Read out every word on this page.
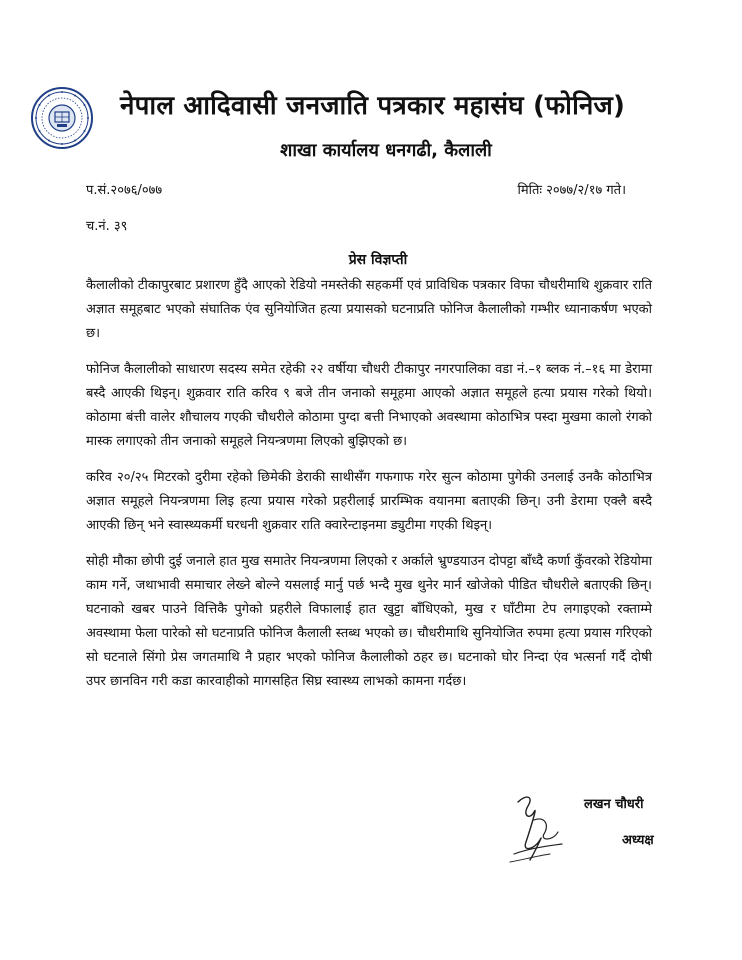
नेपाल आदिवासी जनजाति पत्रकार महासंघ (फोनिज)
शाखा कार्यालय धनगढी, कैलाली
प.सं.२०७६/०७७	मितिः २०७७/२/१७ गते।
च.नं. ३९
प्रेस विज्ञप्ती

कैलालीको टीकापुरबाट प्रशारण हुँदै आएको रेडियो नमस्तेकी सहकर्मी एवं प्राविधिक पत्रकार विफा चौधरीमाथि शुक्रवार राति अज्ञात समूहबाट भएको संघातिक एंव सुनियोजित हत्या प्रयासको घटनाप्रति फोनिज कैलालीको गम्भीर ध्यानाकर्षण भएको छ।

फोनिज कैलालीको साधारण सदस्य समेत रहेकी २२ वर्षीया चौधरी टीकापुर नगरपालिका वडा नं.–१ ब्लक नं.–१६ मा डेरामा बस्दै आएकी थिइन्। शुक्रवार राति करिव ९ बजे तीन जनाको समूहमा आएको अज्ञात समूहले हत्या प्रयास गरेको थियो। कोठामा बंत्ती वालेर शौचालय गएकी चौधरीले कोठामा पुग्दा बत्ती निभाएको अवस्थामा कोठाभित्र पस्दा मुखमा कालो रंगको मास्क लगाएको तीन जनाको समूहले नियन्त्रणमा लिएको बुझिएको छ।

करिव २०/२५ मिटरको दुरीमा रहेको छिमेकी डेराकी साथीसँग गफगाफ गरेर सुत्न कोठामा पुगेकी उनलाई उनकै कोठाभित्र अज्ञात समूहले नियन्त्रणमा लिइ हत्या प्रयास गरेको प्रहरीलाई प्रारम्भिक वयानमा बताएकी छिन्। उनी डेरामा एक्लै बस्दै आएकी छिन् भने स्वास्थ्यकर्मी घरधनी शुक्रवार राति क्वारेन्टाइनमा ड्युटीमा गएकी थिइन्।

सोही मौका छोपी दुई जनाले हात मुख समातेर नियन्त्रणमा लिएको र अर्काले भ्रुण्डयाउन दोपट्टा बाँध्दै कर्णा कुँवरको रेडियोमा काम गर्ने, जथाभावी समाचार लेख्ने बोल्ने यसलाई मार्नु पर्छ भन्दै मुख थुनेर मार्न खोजेको पीडित चौधरीले बताएकी छिन्। घटनाको खबर पाउने वित्तिकै पुगेको प्रहरीले विफालाई हात खुट्टा बाँधिएको, मुख र घाँटीमा टेप लगाइएको रक्ताम्मे अवस्थामा फेला पारेको सो घटनाप्रति फोनिज कैलाली स्तब्ध भएको छ। चौधरीमाथि सुनियोजित रुपमा हत्या प्रयास गरिएको सो घटनाले सिंगो प्रेस जगतमाथि नै प्रहार भएको फोनिज कैलालीको ठहर छ। घटनाको घोर निन्दा एंव भत्सर्ना गर्दै दोषी उपर छानविन गरी कडा कारवाहीको मागसहित सिघ्र स्वास्थ्य लाभको कामना गर्दछ।

लखन चौधरी
अध्यक्ष
